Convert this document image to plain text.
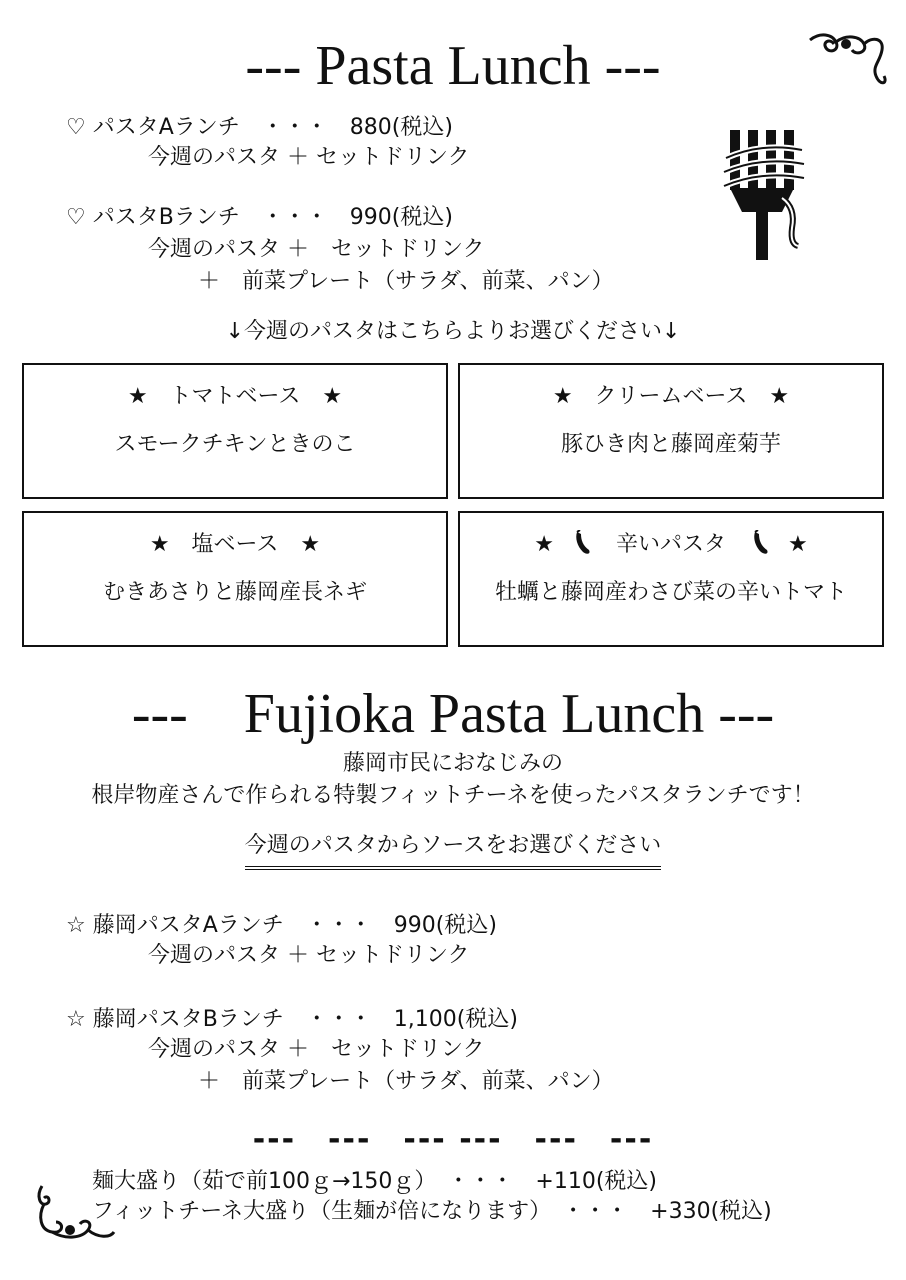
--- Pasta Lunch ---
♡ パスタAランチ　・・・　880(税込)
今週のパスタ ＋ セットドリンク
♡ パスタBランチ　・・・　990(税込)
今週のパスタ ＋　セットドリンク
＋　前菜プレート（サラダ、前菜、パン）
↓今週のパスタはこちらよりお選びください↓
★　トマトベース　★
スモークチキンときのこ
★　クリームベース　★
豚ひき肉と藤岡産菊芋
★　塩ベース　★
むきあさりと藤岡産長ネギ
★	辛いパスタ	★
牡蠣と藤岡産わさび菜の辛いトマト
---　Fujioka Pasta Lunch ---
藤岡市民におなじみの
根岸物産さんで作られる特製フィットチーネを使ったパスタランチです！
今週のパスタからソースをお選びください
☆ 藤岡パスタAランチ　・・・　990(税込)
今週のパスタ ＋ セットドリンク
☆ 藤岡パスタBランチ　・・・　1,100(税込)
今週のパスタ ＋　セットドリンク
＋　前菜プレート（サラダ、前菜、パン）
---　---　--- ---　---　---
麺大盛り（茹で前100ｇ→150ｇ）　・・・　+110(税込)
フィットチーネ大盛り（生麺が倍になります）　・・・　+330(税込)
